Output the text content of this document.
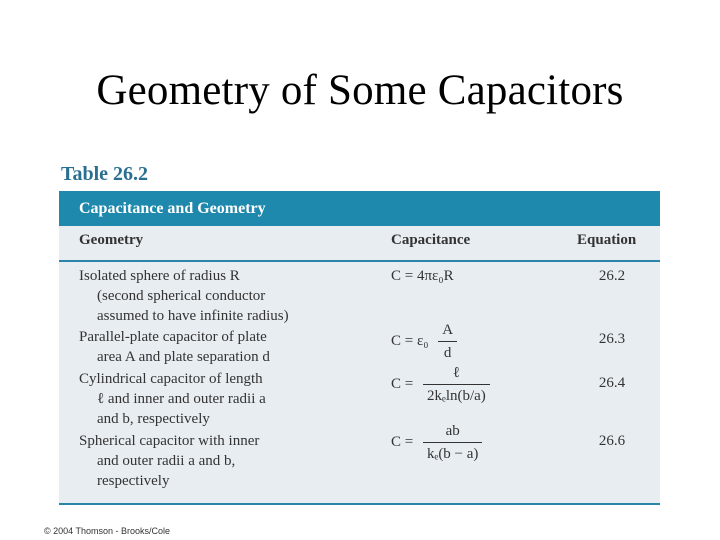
Geometry of Some Capacitors
Table 26.2
Capacitance and Geometry
Geometry	Capacitance	Equation
Isolated sphere of radius R
(second spherical conductor
assumed to have infinite radius)
C = 4πε₀R	26.2
Parallel-plate capacitor of plate
area A and plate separation d
$C = \varepsilon_0 \frac{A}{d}$	26.3
Cylindrical capacitor of length
ℓ and inner and outer radii a
and b, respectively
$C = \frac{\text{ℓ}}{\text{2kₑln(b/a)}}$	26.4
Spherical capacitor with inner
and outer radii a and b,
respectively
$C = \frac{ab}{\text{kₑ(b − a)}}$	26.6
© 2004 Thomson - Brooks/Cole
